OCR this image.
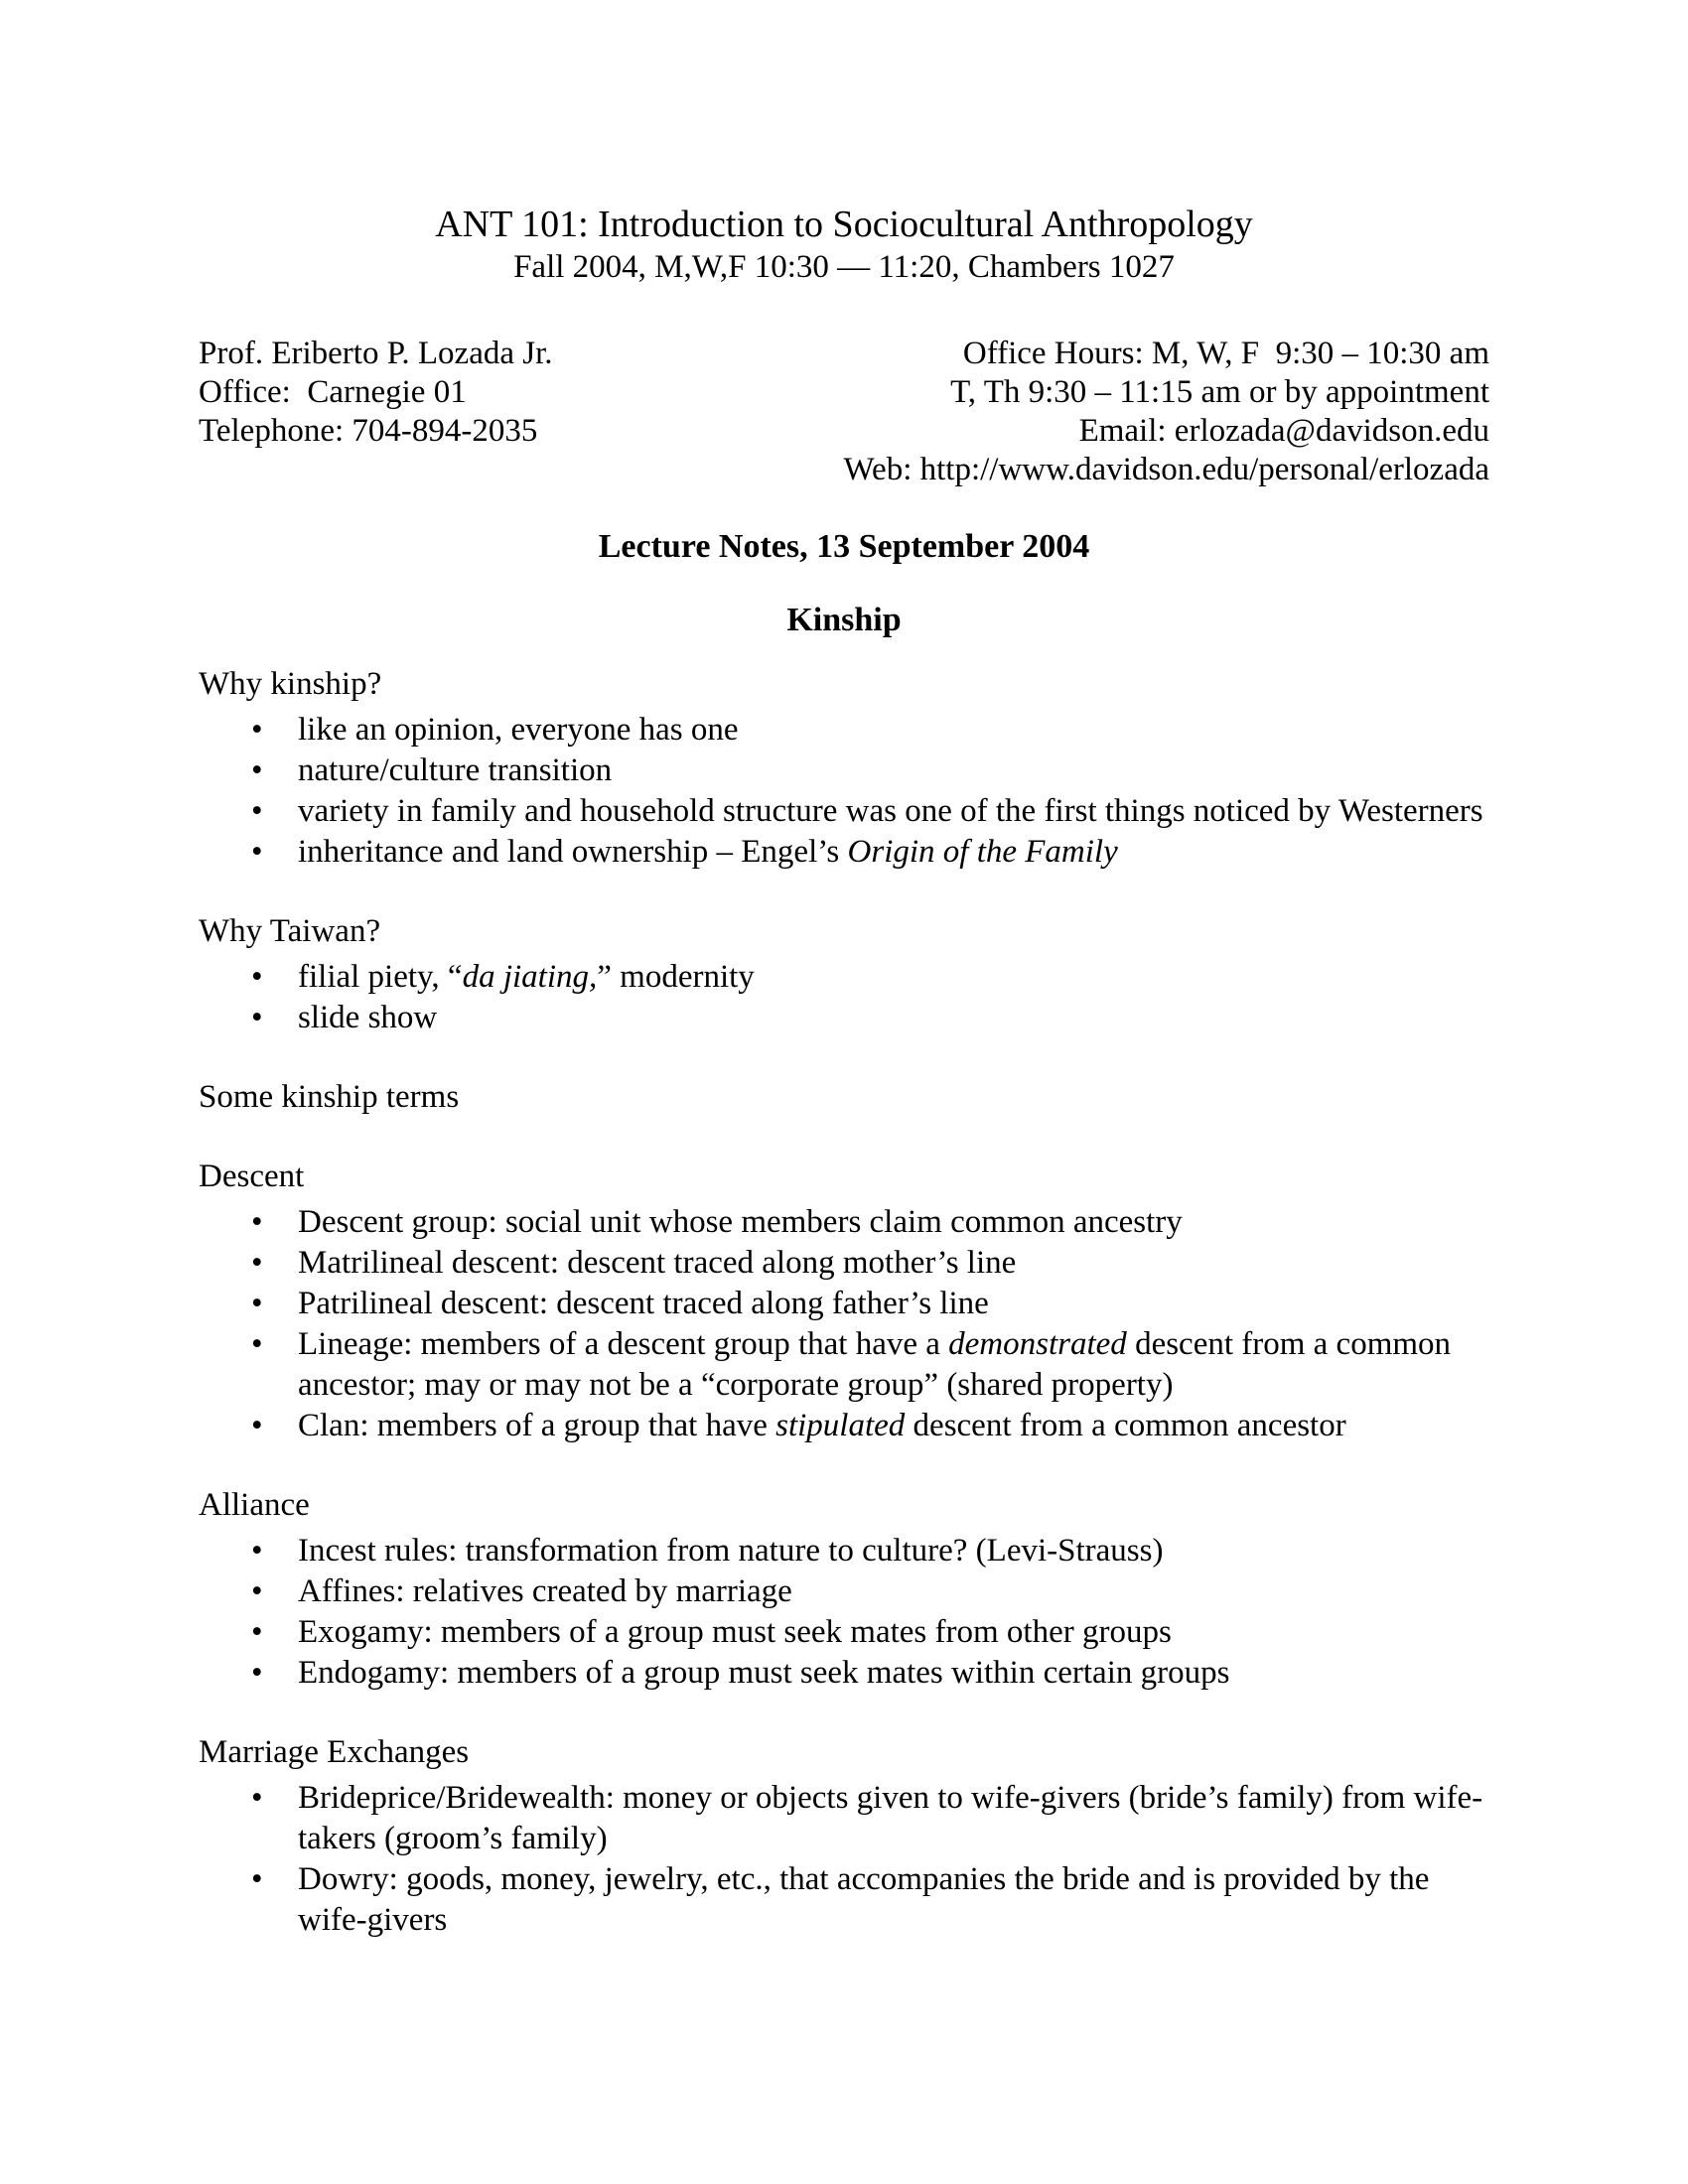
ANT 101: Introduction to Sociocultural Anthropology
Fall 2004, M,W,F 10:30 — 11:20, Chambers 1027
Prof. Eriberto P. Lozada Jr.
Office:  Carnegie 01
Telephone: 704-894-2035
Office Hours: M, W, F  9:30 – 10:30 am
T, Th 9:30 – 11:15 am or by appointment
Email: erlozada@davidson.edu
Web: http://www.davidson.edu/personal/erlozada
Lecture Notes, 13 September 2004
Kinship
Why kinship?
• like an opinion, everyone has one
• nature/culture transition
• variety in family and household structure was one of the first things noticed by Westerners
• inheritance and land ownership – Engel’s Origin of the Family
Why Taiwan?
• filial piety, “da jiating,” modernity
• slide show
Some kinship terms
Descent
• Descent group: social unit whose members claim common ancestry
• Matrilineal descent: descent traced along mother’s line
• Patrilineal descent: descent traced along father’s line
• Lineage: members of a descent group that have a demonstrated descent from a common ancestor; may or may not be a “corporate group” (shared property)
• Clan: members of a group that have stipulated descent from a common ancestor
Alliance
• Incest rules: transformation from nature to culture? (Levi-Strauss)
• Affines: relatives created by marriage
• Exogamy: members of a group must seek mates from other groups
• Endogamy: members of a group must seek mates within certain groups
Marriage Exchanges
• Brideprice/Bridewealth: money or objects given to wife-givers (bride’s family) from wife-takers (groom’s family)
• Dowry: goods, money, jewelry, etc., that accompanies the bride and is provided by the wife-givers
